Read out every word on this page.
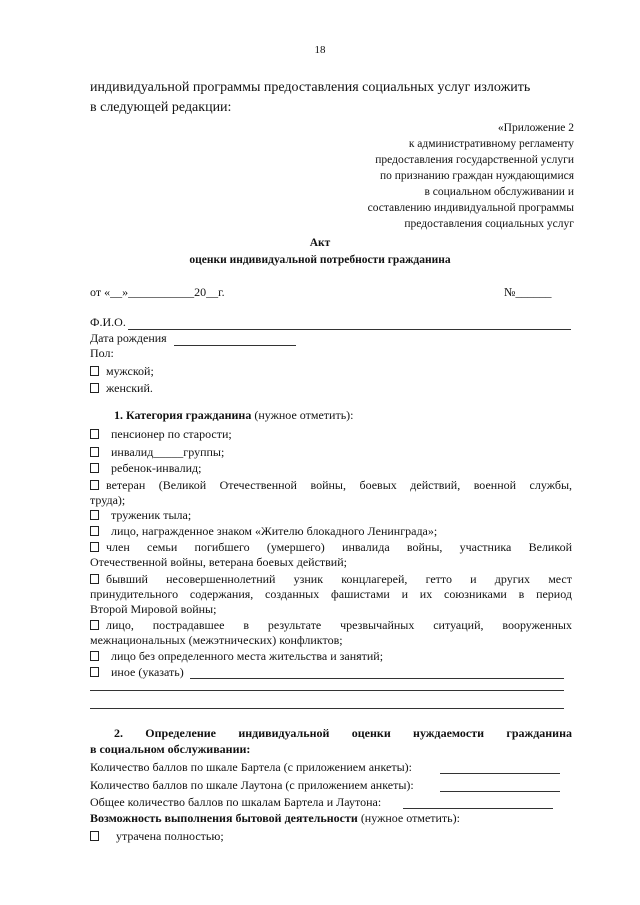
18
индивидуальной программы предоставления социальных услуг изложить
в следующей редакции:
«Приложение 2
к административному регламенту
предоставления государственной услуги
по признанию граждан нуждающимися
в социальном обслуживании и
составлению индивидуальной программы
предоставления социальных услуг
Акт
оценки индивидуальной потребности гражданина
от «__»___________20__г.	№______
Ф.И.О.
Дата рождения
Пол:
мужской;
женский.
1. Категория гражданина (нужное отметить):
пенсионер по старости;
инвалид_____группы;
ребенок-инвалид;
ветеран (Великой Отечественной войны, боевых действий, военной службы,
труда);
труженик тыла;
лицо, награжденное знаком «Жителю блокадного Ленинграда»;
член семьи погибшего (умершего) инвалида войны, участника Великой
Отечественной войны, ветерана боевых действий;
бывший несовершеннолетний узник концлагерей, гетто и других мест
принудительного содержания, созданных фашистами и их союзниками в период
Второй Мировой войны;
лицо, пострадавшее в результате чрезвычайных ситуаций, вооруженных
межнациональных (межэтнических) конфликтов;
лицо без определенного места жительства и занятий;
иное (указать)
2. Определение индивидуальной оценки нуждаемости гражданина
в социальном обслуживании:
Количество баллов по шкале Бартела (с приложением анкеты):
Количество баллов по шкале Лаутона (с приложением анкеты):
Общее количество баллов по шкалам Бартела и Лаутона:
Возможность выполнения бытовой деятельности (нужное отметить):
утрачена полностью;
